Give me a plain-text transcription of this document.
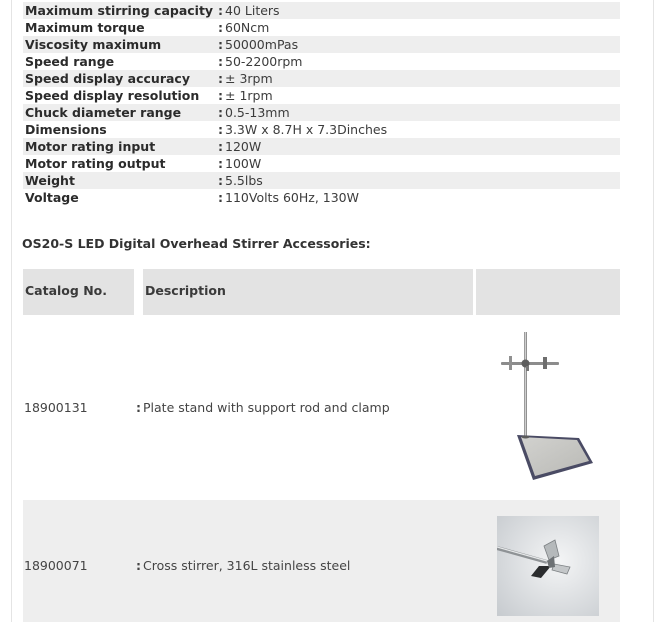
Maximum stirring capacity	: 40 Liters
Maximum torque	: 60Ncm
Viscosity maximum	: 50000mPas
Speed range	: 50-2200rpm
Speed display accuracy	: ± 3rpm
Speed display resolution	: ± 1rpm
Chuck diameter range	: 0.5-13mm
Dimensions	: 3.3W x 8.7H x 7.3Dinches
Motor rating input	: 120W
Motor rating output	: 100W
Weight	: 5.5lbs
Voltage	: 110Volts 60Hz, 130W
OS20-S LED Digital Overhead Stirrer Accessories:
Catalog No.	Description
18900131	: Plate stand with support rod and clamp
18900071	: Cross stirrer, 316L stainless steel
